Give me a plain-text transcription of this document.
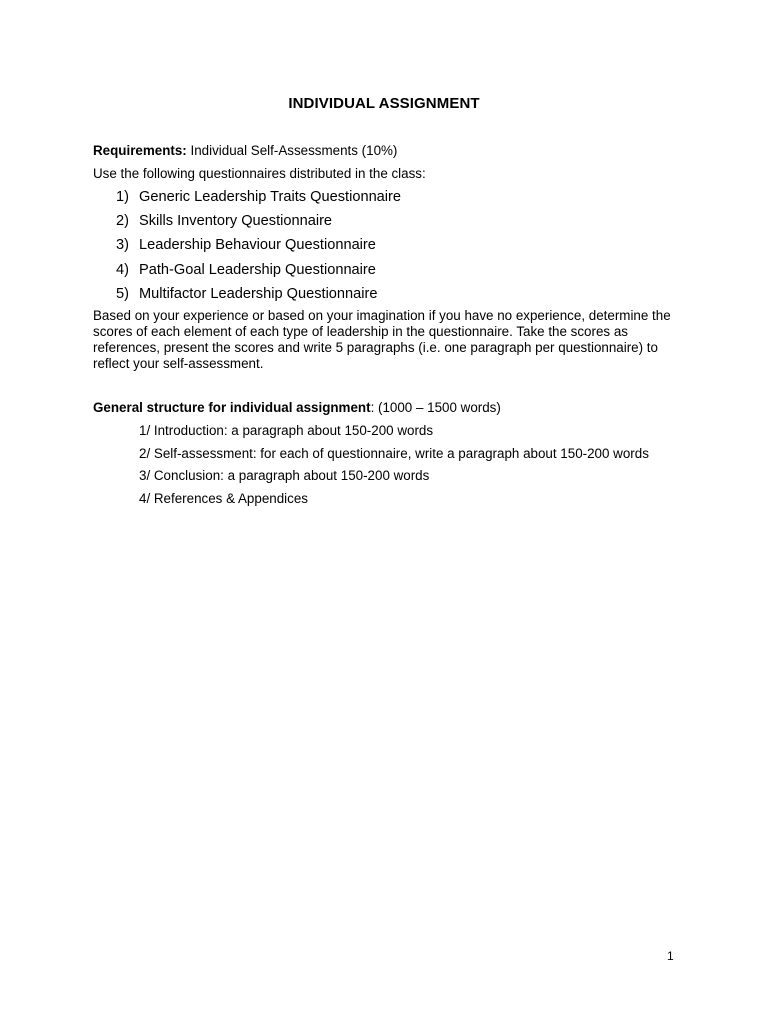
INDIVIDUAL ASSIGNMENT
Requirements: Individual Self-Assessments (10%)
Use the following questionnaires distributed in the class:
1) Generic Leadership Traits Questionnaire
2) Skills Inventory Questionnaire
3) Leadership Behaviour Questionnaire
4) Path-Goal Leadership Questionnaire
5) Multifactor Leadership Questionnaire

Based on your experience or based on your imagination if you have no experience, determine the scores of each element of each type of leadership in the questionnaire. Take the scores as references, present the scores and write 5 paragraphs (i.e. one paragraph per questionnaire) to reflect your self-assessment.

General structure for individual assignment: (1000 – 1500 words)
1/ Introduction: a paragraph about 150-200 words
2/ Self-assessment: for each of questionnaire, write a paragraph about 150-200 words
3/ Conclusion: a paragraph about 150-200 words
4/ References & Appendices
1
